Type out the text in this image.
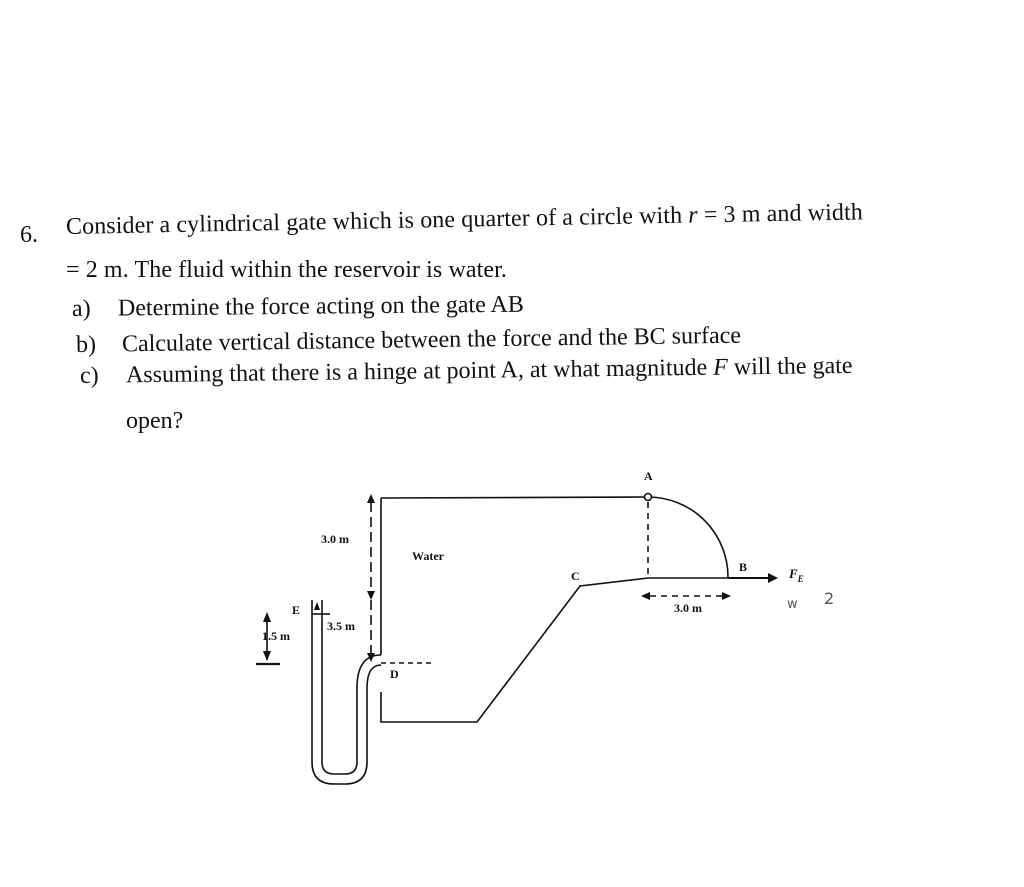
6. Consider a cylindrical gate which is one quarter of a circle with r = 3 m and width
= 2 m. The fluid within the reservoir is water.
a) Determine the force acting on the gate AB
b) Calculate vertical distance between the force and the BC surface
c) Assuming that there is a hinge at point A, at what magnitude F will the gate
open?
A
B
C
D
E
Water
3.0 m
3.5 m
1.5 m
3.0 m
$F_E$
w 2
